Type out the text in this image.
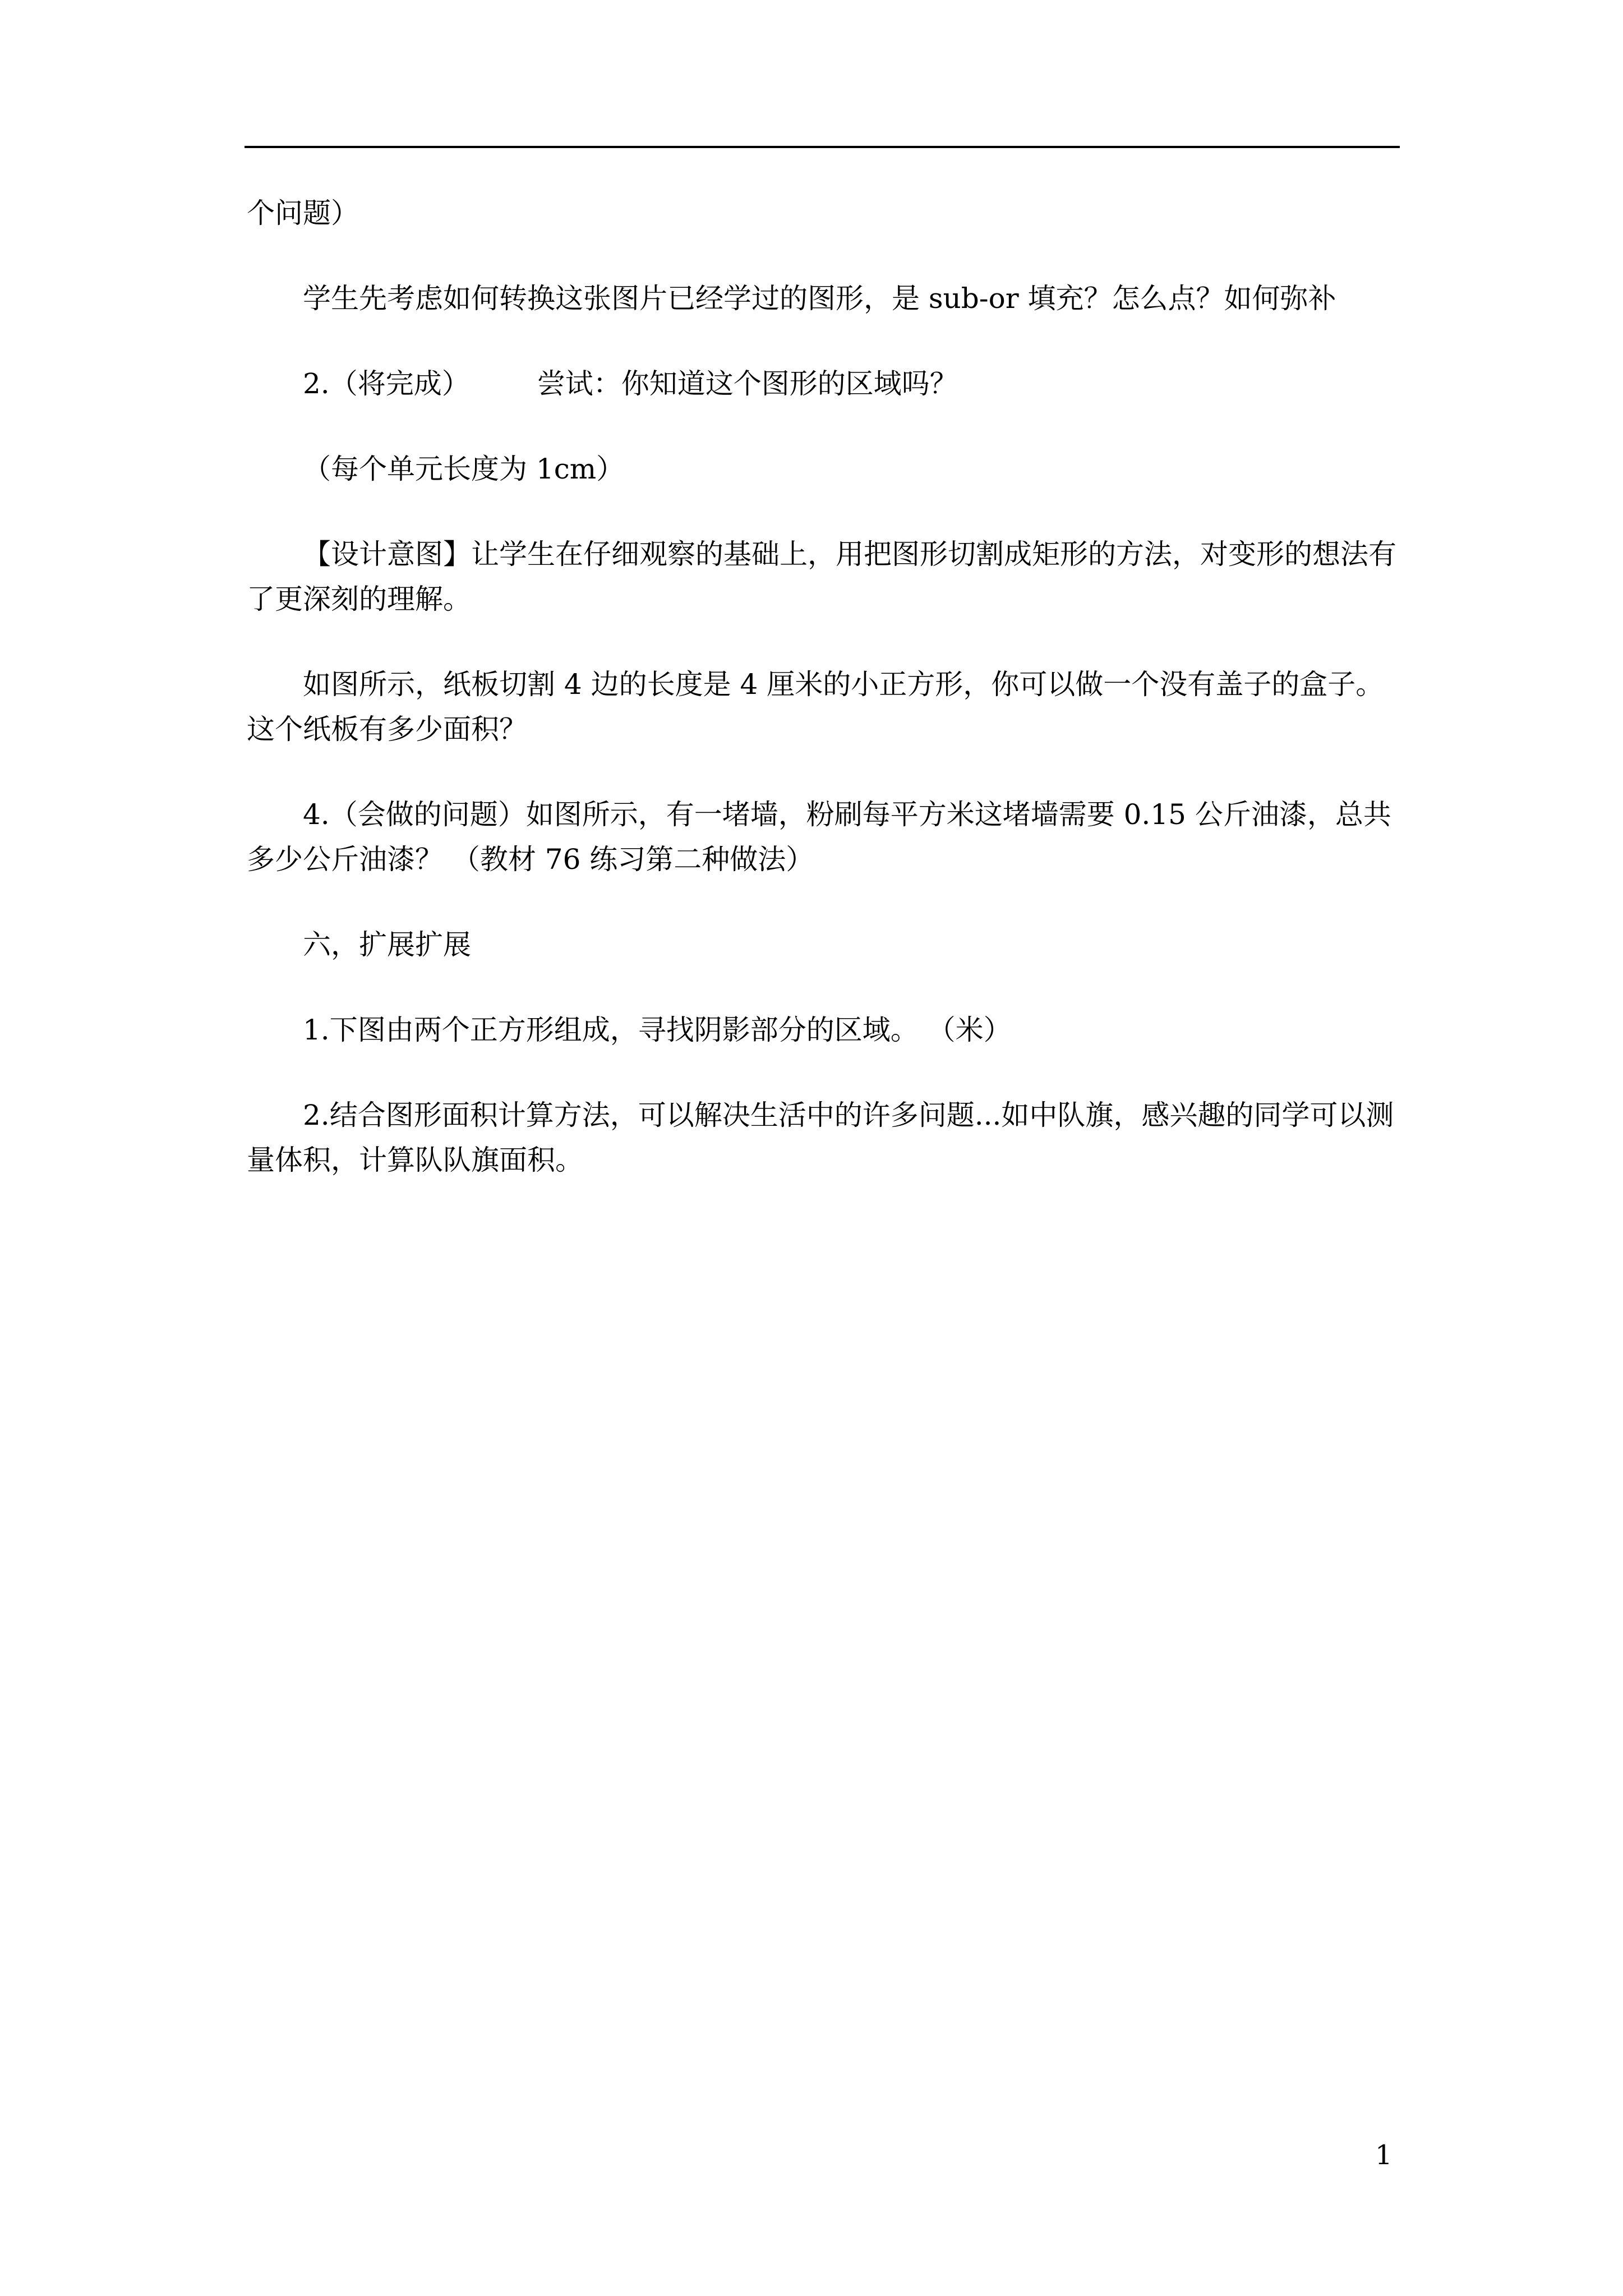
个问题）

学生先考虑如何转换这张图片已经学过的图形，是 sub-or 填充？怎么点？如何弥补

2.（将完成） 尝试：你知道这个图形的区域吗？

（每个单元长度为 1cm）

【设计意图】让学生在仔细观察的基础上，用把图形切割成矩形的方法，对变形的想法有了更深刻的理解。

如图所示，纸板切割 4 边的长度是 4 厘米的小正方形，你可以做一个没有盖子的盒子。这个纸板有多少面积？

4.（会做的问题）如图所示，有一堵墙，粉刷每平方米这堵墙需要 0.15 公斤油漆，总共多少公斤油漆？ （教材 76 练习第二种做法）

六，扩展扩展

1.下图由两个正方形组成，寻找阴影部分的区域。 （米）

2.结合图形面积计算方法，可以解决生活中的许多问题...如中队旗，感兴趣的同学可以测量体积，计算队队旗面积。

1
